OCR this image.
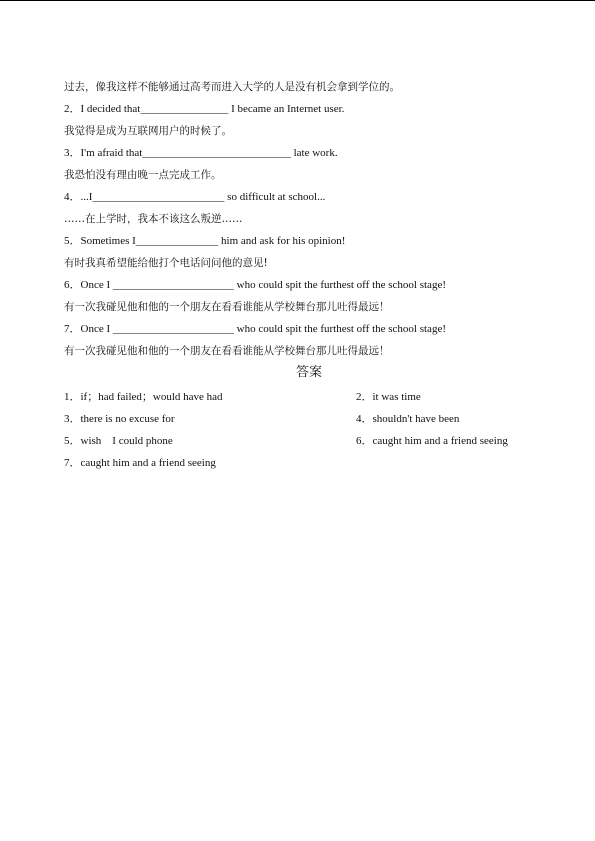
过去，像我这样不能够通过高考而进入大学的人是没有机会拿到学位的。
2．I decided that________________ I became an Internet user.
我觉得是成为互联网用户的时候了。
3．I'm afraid that___________________________ late work.
我恐怕没有理由晚一点完成工作。
4．...I________________________ so difficult at school...
……在上学时，我本不该这么叛逆……
5．Sometimes I_______________ him and ask for his opinion!
有时我真希望能给他打个电话问问他的意见!
6．Once I ______________________ who could spit the furthest off the school stage!
有一次我碰见他和他的一个朋友在看看谁能从学校舞台那儿吐得最远！
7．Once I ______________________ who could spit the furthest off the school stage!
有一次我碰见他和他的一个朋友在看看谁能从学校舞台那儿吐得最远！
答案
1．if；had failed；would have had	2．it was time
3．there is no excuse for	4．shouldn't have been
5．wish　I could phone	6．caught him and a friend seeing
7．caught him and a friend seeing
